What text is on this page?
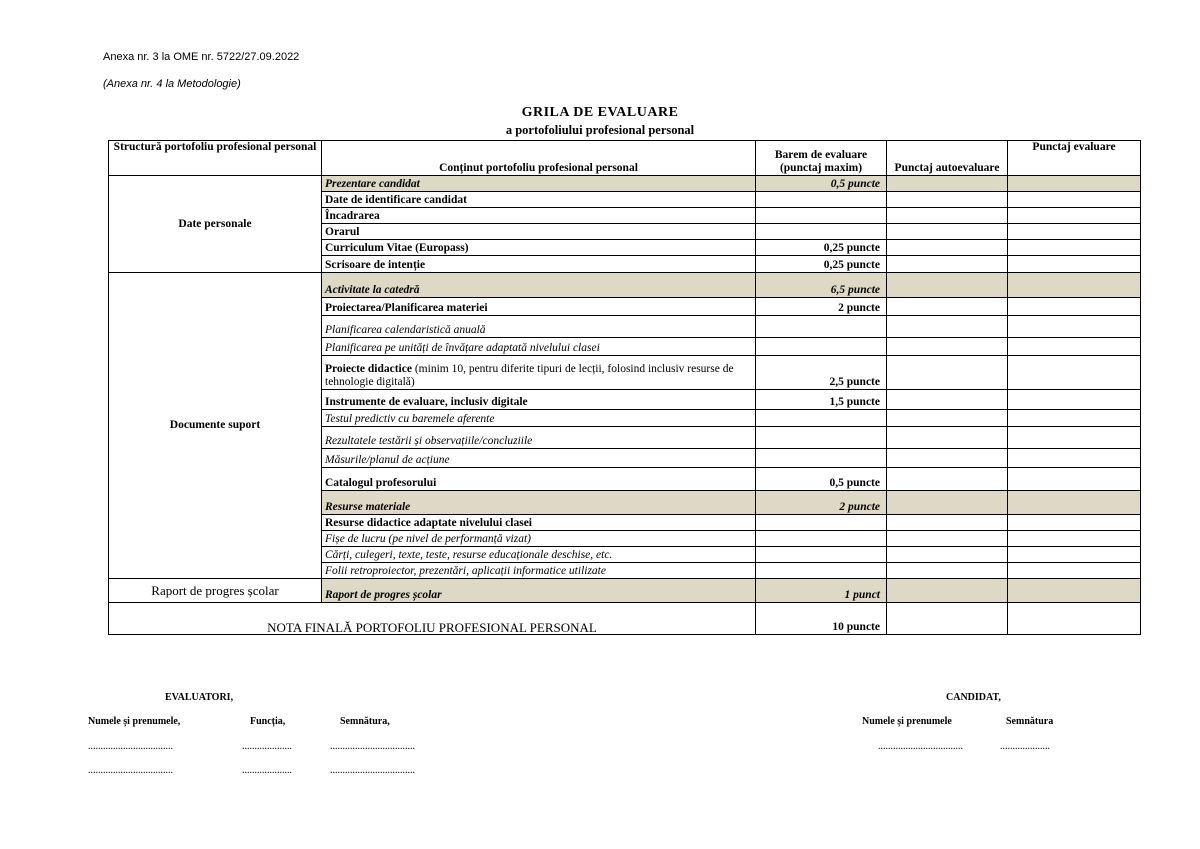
Anexa nr. 3 la OME nr. 5722/27.09.2022
(Anexa nr. 4 la Metodologie)
GRILA DE EVALUARE
a portofoliului profesional personal
Structură portofoliu profesional personal	Conținut portofoliu profesional personal	Barem de evaluare (punctaj maxim)	Punctaj autoevaluare	Punctaj evaluare
Date personale	Prezentare candidat	0,5 puncte		
	Date de identificare candidat			
	Încadrarea			
	Orarul			
	Curriculum Vitae (Europass)	0,25 puncte		
	Scrisoare de intenție	0,25 puncte		
Documente suport	Activitate la catedră	6,5 puncte		
	Proiectarea/Planificarea materiei	2 puncte		
	Planificarea calendaristică anuală			
	Planificarea pe unități de învățare adaptată nivelului clasei			
	Proiecte didactice (minim 10, pentru diferite tipuri de lecții, folosind inclusiv resurse de tehnologie digitală)	2,5 puncte		
	Instrumente de evaluare, inclusiv digitale	1,5 puncte		
	Testul predictiv cu baremele aferente			
	Rezultatele testării și observațiile/concluziile			
	Măsurile/planul de acțiune			
	Catalogul profesorului	0,5 puncte		
	Resurse materiale	2 puncte		
	Resurse didactice adaptate nivelului clasei			
	Fișe de lucru (pe nivel de performanță vizat)			
	Cărți, culegeri, texte, teste, resurse educaționale deschise, etc.			
	Folii retroproiector, prezentări, aplicații informatice utilizate			
Raport de progres școlar	Raport de progres școlar	1 punct		
NOTA FINALĂ PORTOFOLIU PROFESIONAL PERSONAL		10 puncte		
EVALUATORI,
Numele și prenumele,	Funcția,	Semnătura,
..................................	....................	..................................
..................................	....................	..................................
CANDIDAT,
Numele și prenumele	Semnătura
..................................	....................
